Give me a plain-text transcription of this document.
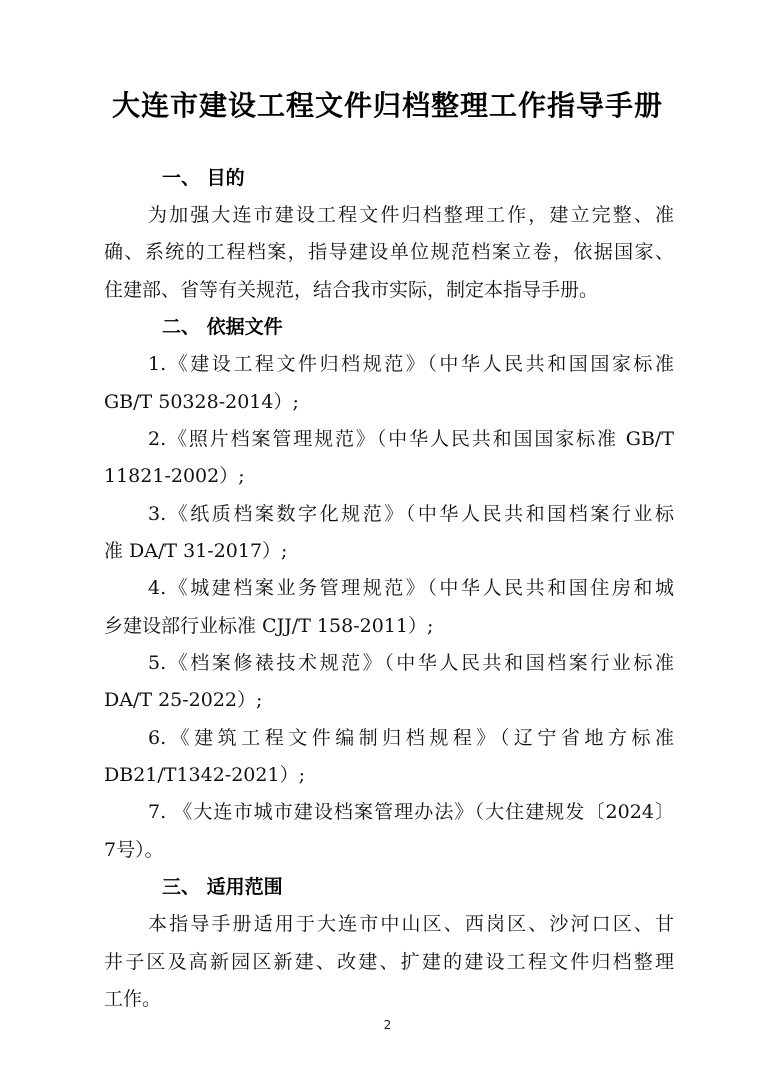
大连市建设工程文件归档整理工作指导手册
一、 目的
为加强大连市建设工程文件归档整理工作，建立完整、准
确、系统的工程档案，指导建设单位规范档案立卷，依据国家、
住建部、省等有关规范，结合我市实际，制定本指导手册。
二、 依据文件
1.《建设工程文件归档规范》（中华人民共和国国家标准
GB/T 50328-2014）;
2.《照片档案管理规范》（中华人民共和国国家标准 GB/T
11821-2002）;
3.《纸质档案数字化规范》（中华人民共和国档案行业标
准 DA/T 31-2017）;
4.《城建档案业务管理规范》（中华人民共和国住房和城
乡建设部行业标准 CJJ/T 158-2011）;
5.《档案修裱技术规范》（中华人民共和国档案行业标准
DA/T 25-2022）;
6.《建筑工程文件编制归档规程》（辽宁省地方标准
DB21/T1342-2021）;
7. 《大连市城市建设档案管理办法》（大住建规发〔2024〕
7号）。
三、 适用范围
本指导手册适用于大连市中山区、西岗区、沙河口区、甘
井子区及高新园区新建、改建、扩建的建设工程文件归档整理
工作。
2
